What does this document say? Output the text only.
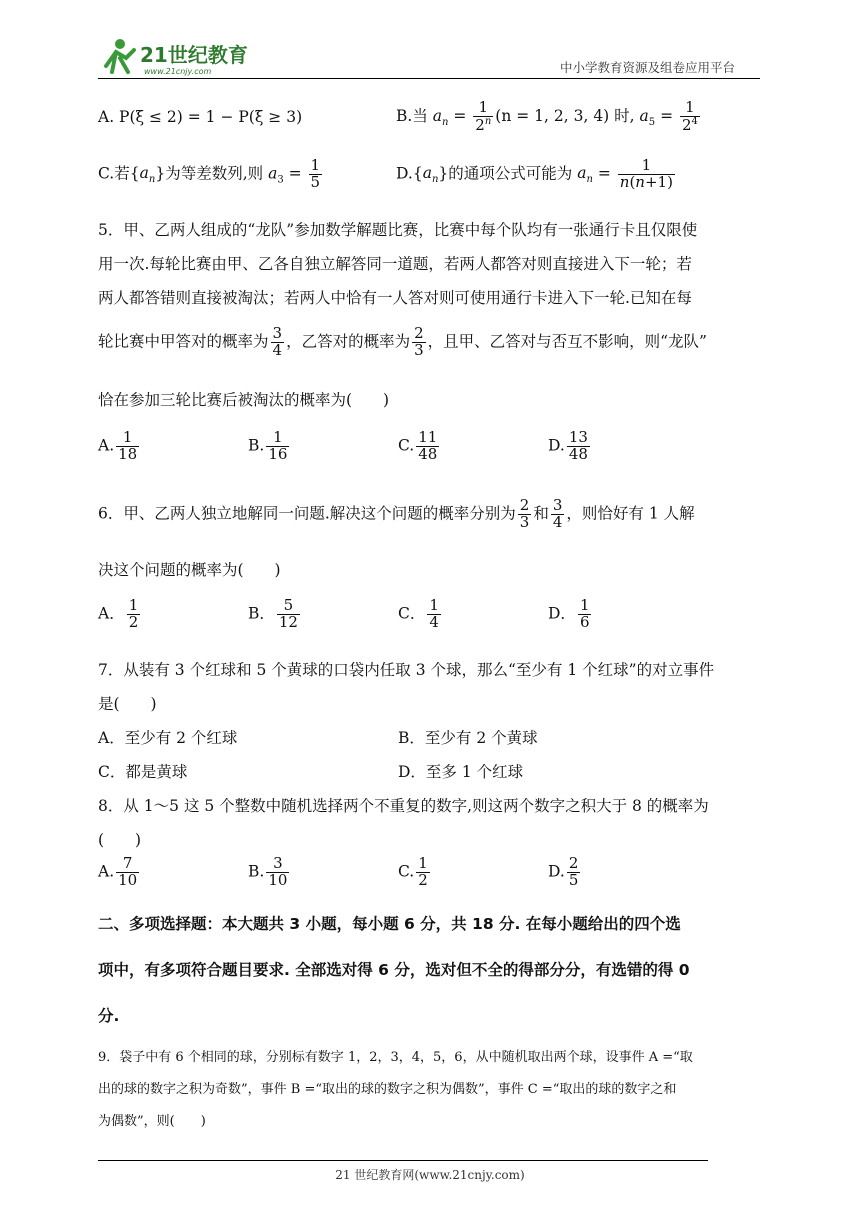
21世纪教育
www.21cnjy.com	中小学教育资源及组卷应用平台
A. P(ξ ≤ 2) = 1 − P(ξ ≥ 3)	B.当 $a_n = \frac{1}{2^n} (n = 1$, 2, 3, 4) 时, $a_5 = \frac{1}{2^4}$
C.若$\{a_n\}$为等差数列,则 $a_3 = \frac{1}{5}$	$D.\{a_n\}$的通项公式可能为 $a_n = \frac{1}{n(n+1)}$
5．甲、乙两人组成的“龙队”参加数学解题比赛，比赛中每个队均有一张通行卡且仅限使
用一次.每轮比赛由甲、乙各自独立解答同一道题，若两人都答对则直接进入下一轮；若
两人都答错则直接被淘汰；若两人中恰有一人答对则可使用通行卡进入下一轮.已知在每
轮比赛中甲答对的概率为 $\frac{3}{4}$ ，乙答对的概率为 $\frac{2}{3}$ ，且甲、乙答对与否互不影响，则“龙队”
恰在参加三轮比赛后被淘汰的概率为(　　)
A. $\frac{1}{18}$	B. $\frac{1}{16}$	C. $\frac{11}{48}$	D. $\frac{13}{48}$
6．甲、乙两人独立地解同一问题.解决这个问题的概率分别为 $\frac{2}{3}$ 和 $\frac{3}{4}$ ，则恰好有 1 人解
决这个问题的概率为(　　)
A． $\frac{1}{2}$	B． $\frac{5}{12}$	C． $\frac{1}{4}$	D． $\frac{1}{6}$
7．从装有 3 个红球和 5 个黄球的口袋内任取 3 个球，那么“至少有 1 个红球”的对立事件
是(　　)
A．至少有 2 个红球	B．至少有 2 个黄球
C．都是黄球	D．至多 1 个红球
8．从 1～5 这 5 个整数中随机选择两个不重复的数字,则这两个数字之积大于 8 的概率为
(　　)
A. $\frac{7}{10}$	B. $\frac{3}{10}$	C. $\frac{1}{2}$	D. $\frac{2}{5}$
二、多项选择题：本大题共 3 小题，每小题 6 分，共 18 分. 在每小题给出的四个选
项中，有多项符合题目要求. 全部选对得 6 分，选对但不全的得部分分，有选错的得 0
分.
9．袋子中有 6 个相同的球，分别标有数字 1，2，3，4，5，6，从中随机取出两个球，设事件 A =“取
出的球的数字之积为奇数”，事件 B =“取出的球的数字之积为偶数”，事件 C =“取出的球的数字之和
为偶数”，则(　　)
21 世纪教育网(www.21cnjy.com)
